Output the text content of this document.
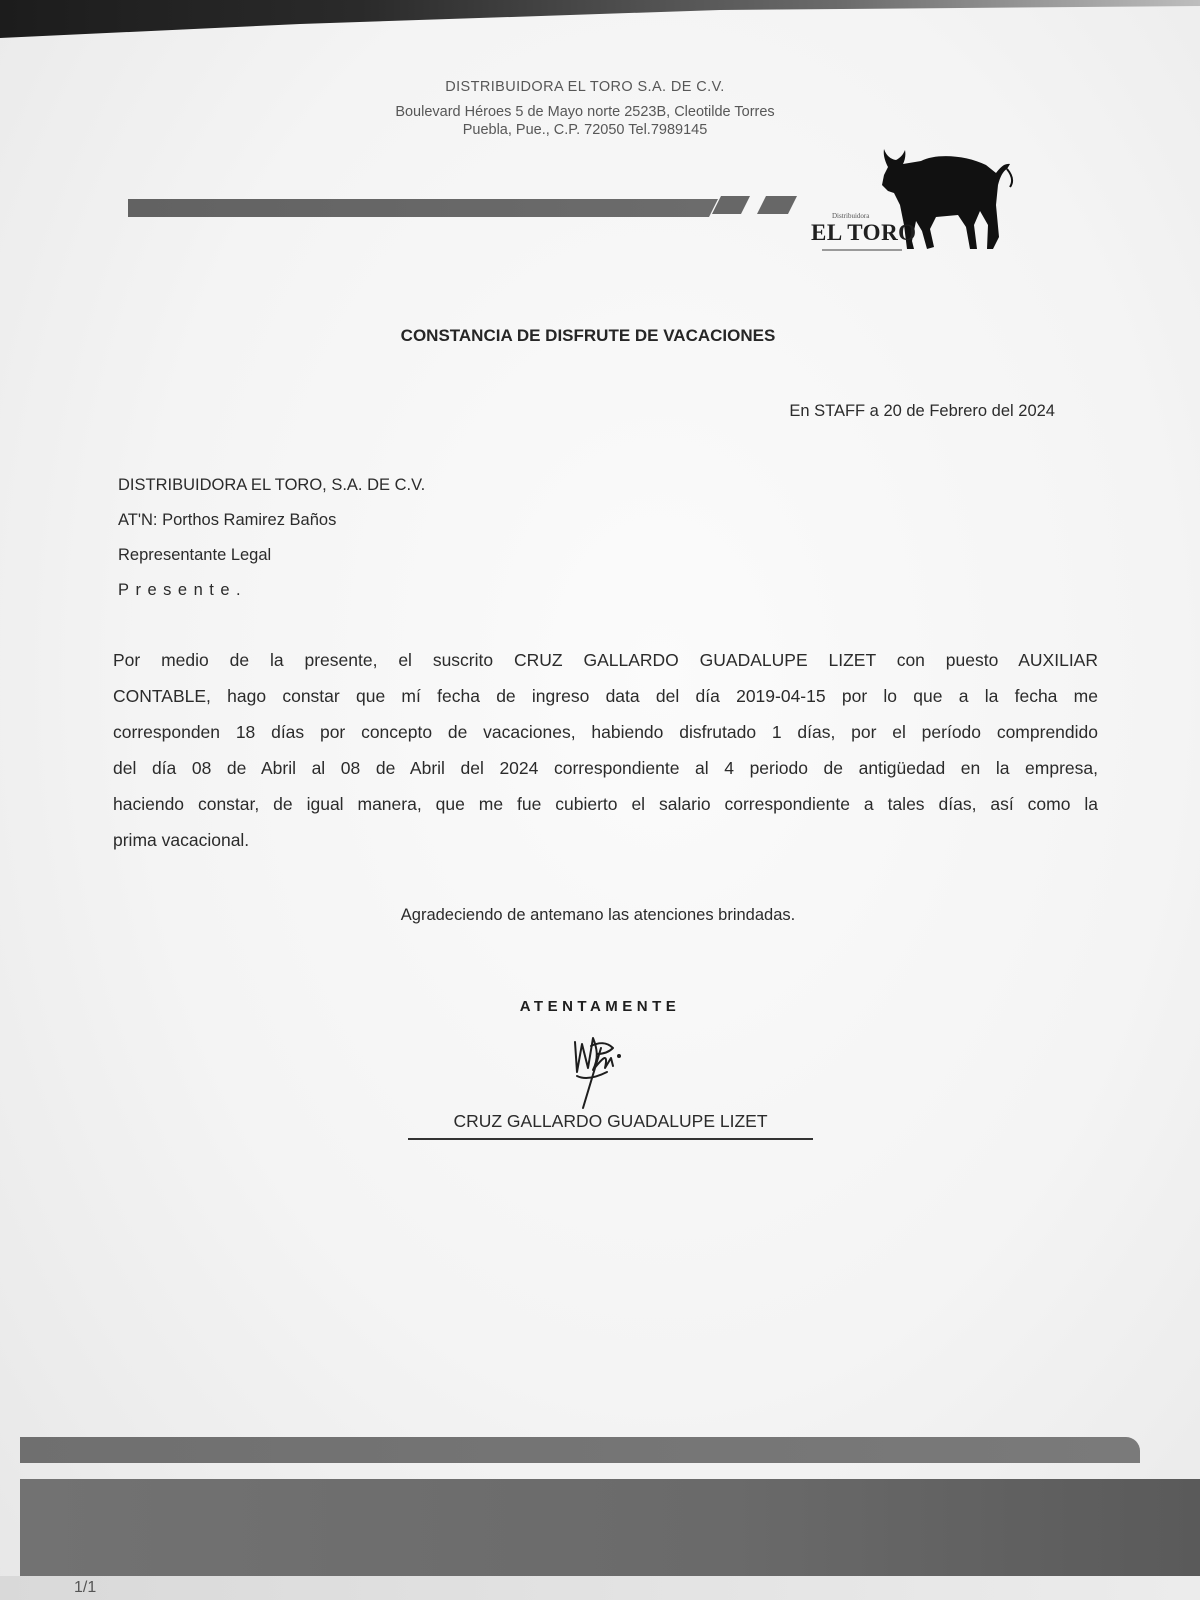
DISTRIBUIDORA EL TORO S.A. DE C.V.
Boulevard Héroes 5 de Mayo norte 2523B, Cleotilde Torres
Puebla, Pue., C.P. 72050 Tel.7989145
Distribuidora
EL TORO
CONSTANCIA DE DISFRUTE DE VACACIONES
En STAFF a 20 de Febrero del 2024
DISTRIBUIDORA EL TORO, S.A. DE C.V.
AT'N: Porthos Ramirez Baños
Representante Legal
Presente.
Por medio de la presente, el suscrito CRUZ GALLARDO GUADALUPE LIZET con puesto AUXILIAR
CONTABLE, hago constar que mí fecha de ingreso data del día 2019-04-15 por lo que a la fecha me
corresponden 18 días por concepto de vacaciones, habiendo disfrutado 1 días, por el período comprendido
del día 08 de Abril al 08 de Abril del 2024 correspondiente al 4 periodo de antigüedad en la empresa,
haciendo constar, de igual manera, que me fue cubierto el salario correspondiente a tales días, así como la
prima vacacional.
Agradeciendo de antemano las atenciones brindadas.
ATENTAMENTE
CRUZ GALLARDO GUADALUPE LIZET
1/1
